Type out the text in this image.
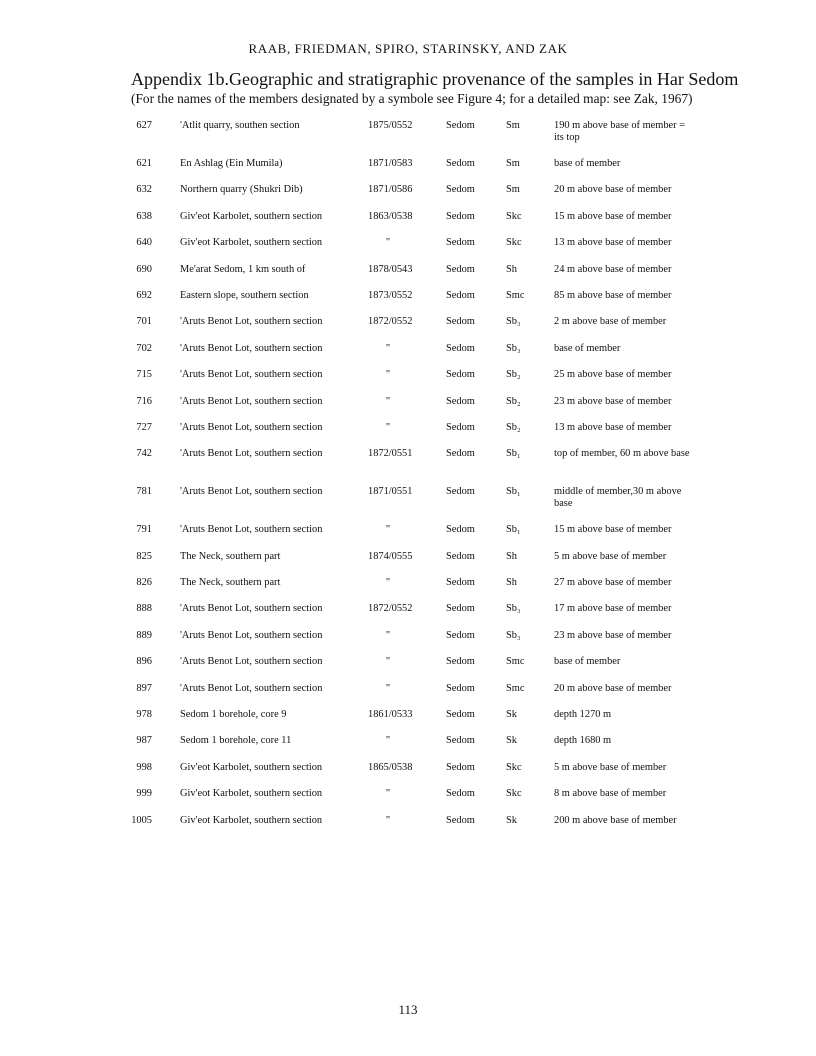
RAAB, FRIEDMAN, SPIRO, STARINSKY, AND ZAK
Appendix 1b.Geographic and stratigraphic provenance of the samples in Har Sedom
(For the names of the members designated by a symbole see Figure 4; for a detailed map: see Zak, 1967)
627	'Atlit quarry, southen section	1875/0552	Sedom	Sm	190 m above base of member = its top
621	En Ashlag (Ein Mumila)	1871/0583	Sedom	Sm	base of member
632	Northern quarry (Shukri Dib)	1871/0586	Sedom	Sm	20 m above base of member
638	Giv'eot Karbolet, southern section	1863/0538	Sedom	Skc	15 m above base of member
640	Giv'eot Karbolet, southern section	"	Sedom	Skc	13 m above base of member
690	Me'arat Sedom, 1 km south of	1878/0543	Sedom	Sh	24 m above base of member
692	Eastern slope, southern section	1873/0552	Sedom	Smc	85 m above base of member
701	'Aruts Benot Lot, southern section	1872/0552	Sedom	Sb₃	2 m above base of member
702	'Aruts Benot Lot, southern section	"	Sedom	Sb₃	base of member
715	'Aruts Benot Lot, southern section	"	Sedom	Sb₂	25 m above base of member
716	'Aruts Benot Lot, southern section	"	Sedom	Sb₂	23 m above base of member
727	'Aruts Benot Lot, southern section	"	Sedom	Sb₂	13 m above base of member
742	'Aruts Benot Lot, southern section	1872/0551	Sedom	Sb₁	top of member, 60 m above base
781	'Aruts Benot Lot, southern section	1871/0551	Sedom	Sb₁	middle of member,30 m above base
791	'Aruts Benot Lot, southern section	"	Sedom	Sb₁	15 m above base of member
825	The Neck, southern part	1874/0555	Sedom	Sh	5 m above base of member
826	The Neck, southern part	"	Sedom	Sh	27 m above base of member
888	'Aruts Benot Lot, southern section	1872/0552	Sedom	Sb₃	17 m above base of member
889	'Aruts Benot Lot, southern section	"	Sedom	Sb₃	23 m above base of member
896	'Aruts Benot Lot, southern section	"	Sedom	Smc	base of member
897	'Aruts Benot Lot, southern section	"	Sedom	Smc	20 m above base of member
978	Sedom 1 borehole, core 9	1861/0533	Sedom	Sk	depth 1270 m
987	Sedom 1 borehole, core 11	"	Sedom	Sk	depth 1680 m
998	Giv'eot Karbolet, southern section	1865/0538	Sedom	Skc	5 m above base of member
999	Giv'eot Karbolet, southern section	"	Sedom	Skc	8 m above base of member
1005	Giv'eot Karbolet, southern section	"	Sedom	Sk	200 m above base of member
113
